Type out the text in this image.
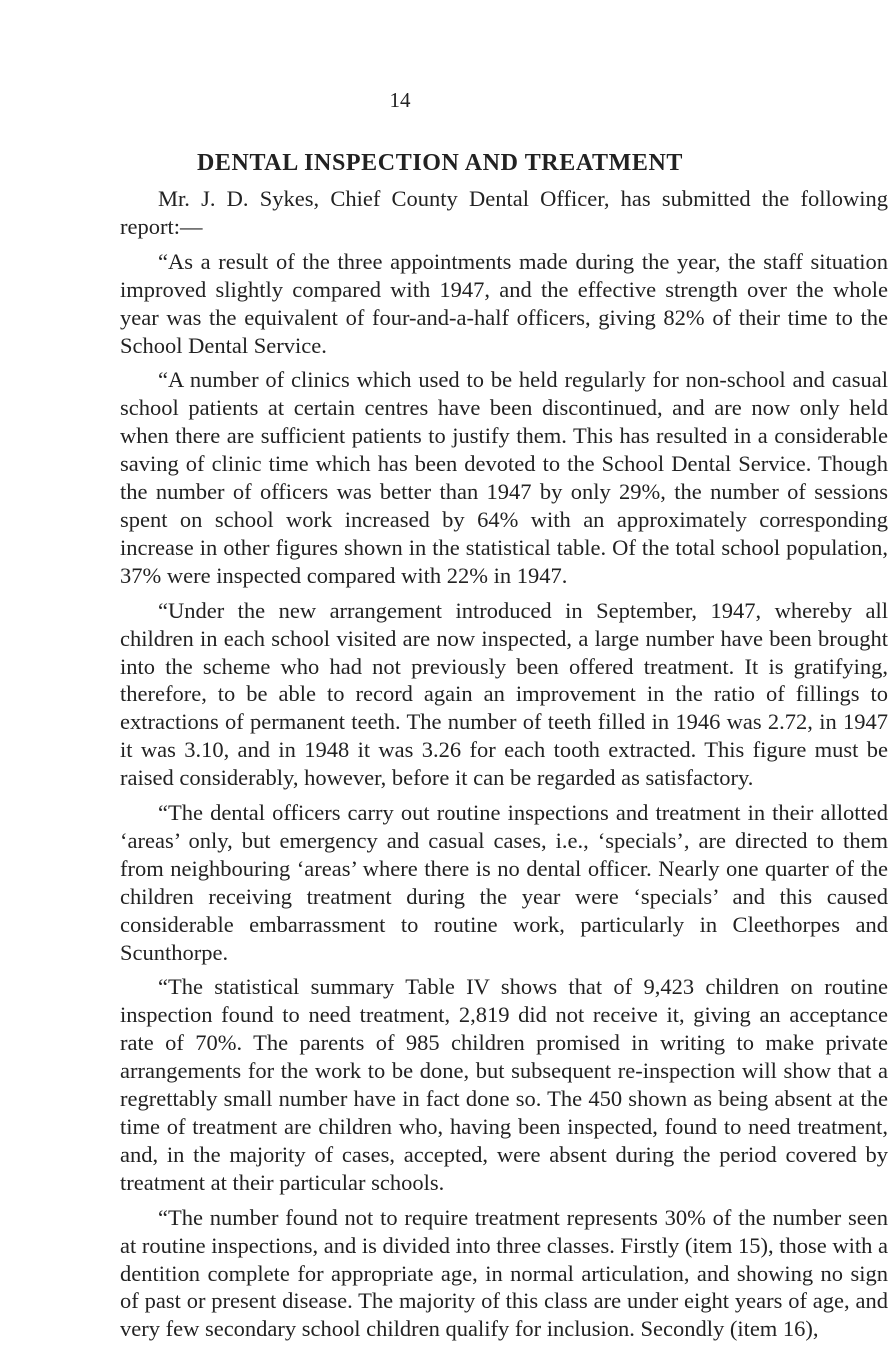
14
DENTAL INSPECTION AND TREATMENT

Mr. J. D. Sykes, Chief County Dental Officer, has submitted the following report:—

“As a result of the three appointments made during the year, the staff situation improved slightly compared with 1947, and the effective strength over the whole year was the equivalent of four-and-a-half officers, giving 82% of their time to the School Dental Service.

“A number of clinics which used to be held regularly for non-school and casual school patients at certain centres have been discontinued, and are now only held when there are sufficient patients to justify them. This has resulted in a considerable saving of clinic time which has been devoted to the School Dental Service. Though the number of officers was better than 1947 by only 29%, the number of sessions spent on school work increased by 64% with an approximately corresponding increase in other figures shown in the statistical table. Of the total school population, 37% were inspected compared with 22% in 1947.

“Under the new arrangement introduced in September, 1947, whereby all children in each school visited are now inspected, a large number have been brought into the scheme who had not previously been offered treatment. It is gratifying, therefore, to be able to record again an improvement in the ratio of fillings to extractions of permanent teeth. The number of teeth filled in 1946 was 2.72, in 1947 it was 3.10, and in 1948 it was 3.26 for each tooth extracted. This figure must be raised considerably, however, before it can be regarded as satisfactory.

“The dental officers carry out routine inspections and treatment in their allotted ‘areas’ only, but emergency and casual cases, i.e., ‘specials’, are directed to them from neighbouring ‘areas’ where there is no dental officer. Nearly one quarter of the children receiving treatment during the year were ‘specials’ and this caused considerable embarrassment to routine work, particularly in Cleethorpes and Scunthorpe.

“The statistical summary Table IV shows that of 9,423 children on routine inspection found to need treatment, 2,819 did not receive it, giving an acceptance rate of 70%. The parents of 985 children promised in writing to make private arrangements for the work to be done, but subsequent re-inspection will show that a regrettably small number have in fact done so. The 450 shown as being absent at the time of treatment are children who, having been inspected, found to need treatment, and, in the majority of cases, accepted, were absent during the period covered by treatment at their particular schools.

“The number found not to require treatment represents 30% of the number seen at routine inspections, and is divided into three classes. Firstly (item 15), those with a dentition complete for appropriate age, in normal articulation, and showing no sign of past or present disease. The majority of this class are under eight years of age, and very few secondary school children qualify for inclusion. Secondly (item 16),
